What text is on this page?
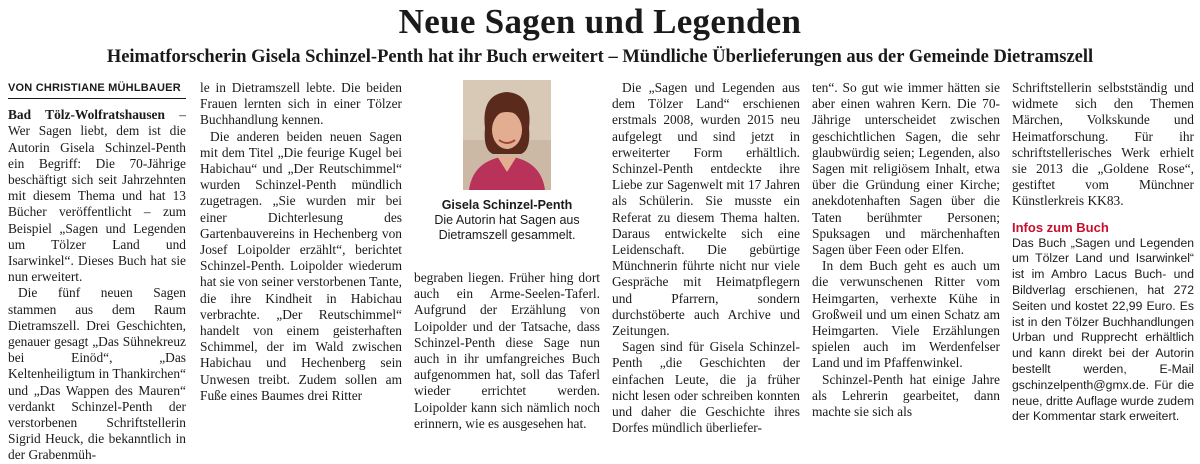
Neue Sagen und Legenden
Heimatforscherin Gisela Schinzel-Penth hat ihr Buch erweitert – Mündliche Überlieferungen aus der Gemeinde Dietramszell
VON CHRISTIANE MÜHLBAUER

Bad Tölz-Wolfratshausen – Wer Sagen liebt, dem ist die Autorin Gisela Schinzel-Penth ein Begriff: Die 70-Jährige beschäftigt sich seit Jahrzehnten mit diesem Thema und hat 13 Bücher veröffentlicht – zum Beispiel „Sagen und Legenden um Tölzer Land und Isarwinkel“. Dieses Buch hat sie nun erweitert.

Die fünf neuen Sagen stammen aus dem Raum Dietramszell. Drei Geschichten, genauer gesagt „Das Sühnekreuz bei Einöd“, „Das Keltenheiligtum in Thankirchen“ und „Das Wappen des Mauren“ verdankt Schinzel-Penth der verstorbenen Schriftstellerin Sigrid Heuck, die bekanntlich in der Grabenmüh-

le in Dietramszell lebte. Die beiden Frauen lernten sich in einer Tölzer Buchhandlung kennen.

Die anderen beiden neuen Sagen mit dem Titel „Die feurige Kugel bei Habichau“ und „Der Reutschimmel“ wurden Schinzel-Penth mündlich zugetragen. „Sie wurden mir bei einer Dichterlesung des Gartenbauvereins in Hechenberg von Josef Loipolder erzählt“, berichtet Schinzel-Penth. Loipolder wiederum hat sie von seiner verstorbenen Tante, die ihre Kindheit in Habichau verbrachte. „Der Reutschimmel“ handelt von einem geisterhaften Schimmel, der im Wald zwischen Habichau und Hechenberg sein Unwesen treibt. Zudem sollen am Fuße eines Baumes drei Ritter

Gisela Schinzel-Penth
Die Autorin hat Sagen aus Dietramszell gesammelt.

begraben liegen. Früher hing dort auch ein Arme-Seelen-Taferl. Aufgrund der Erzählung von Loipolder und der Tatsache, dass Schinzel-Penth diese Sage nun auch in ihr umfangreiches Buch aufgenommen hat, soll das Taferl wieder errichtet werden. Loipolder kann sich nämlich noch erinnern, wie es ausgesehen hat.

Die „Sagen und Legenden aus dem Tölzer Land“ erschienen erstmals 2008, wurden 2015 neu aufgelegt und sind jetzt in erweiterter Form erhältlich. Schinzel-Penth entdeckte ihre Liebe zur Sagenwelt mit 17 Jahren als Schülerin. Sie musste ein Referat zu diesem Thema halten. Daraus entwickelte sich eine Leidenschaft. Die gebürtige Münchnerin führte nicht nur viele Gespräche mit Heimatpflegern und Pfarrern, sondern durchstöberte auch Archive und Zeitungen.

Sagen sind für Gisela Schinzel-Penth „die Geschichten der einfachen Leute, die ja früher nicht lesen oder schreiben konnten und daher die Geschichte ihres Dorfes mündlich überliefer-

ten“. So gut wie immer hätten sie aber einen wahren Kern. Die 70-Jährige unterscheidet zwischen geschichtlichen Sagen, die sehr glaubwürdig seien; Legenden, also Sagen mit religiösem Inhalt, etwa über die Gründung einer Kirche; anekdotenhaften Sagen über die Taten berühmter Personen; Spuksagen und märchenhaften Sagen über Feen oder Elfen.

In dem Buch geht es auch um die verwunschenen Ritter vom Heimgarten, verhexte Kühe in Großweil und um einen Schatz am Heimgarten. Viele Erzählungen spielen auch im Werdenfelser Land und im Pfaffenwinkel.

Schinzel-Penth hat einige Jahre als Lehrerin gearbeitet, dann machte sie sich als

Schriftstellerin selbstständig und widmete sich den Themen Märchen, Volkskunde und Heimatforschung. Für ihr schriftstellerisches Werk erhielt sie 2013 die „Goldene Rose“, gestiftet vom Münchner Künstlerkreis KK83.

Infos zum Buch

Das Buch „Sagen und Legenden um Tölzer Land und Isarwinkel“ ist im Ambro Lacus Buch- und Bildverlag erschienen, hat 272 Seiten und kostet 22,99 Euro. Es ist in den Tölzer Buchhandlungen Urban und Rupprecht erhältlich und kann direkt bei der Autorin bestellt werden, E-Mail gschinzelpenth@gmx.de. Für die neue, dritte Auflage wurde zudem der Kommentar stark erweitert.
